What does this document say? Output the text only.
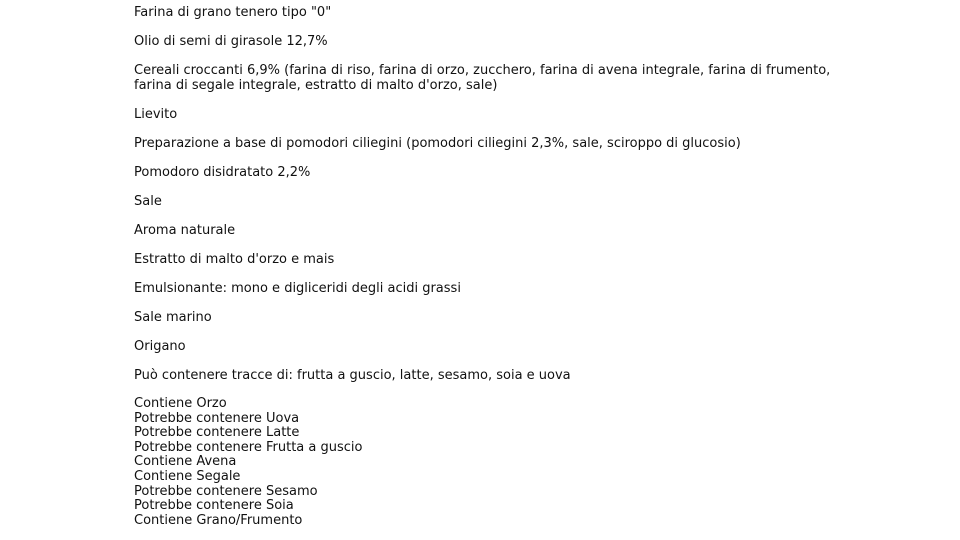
Farina di grano tenero tipo "0"

Olio di semi di girasole 12,7%

Cereali croccanti 6,9% (farina di riso, farina di orzo, zucchero, farina di avena integrale, farina di frumento, farina di segale integrale, estratto di malto d'orzo, sale)

Lievito

Preparazione a base di pomodori ciliegini (pomodori ciliegini 2,3%, sale, sciroppo di glucosio)

Pomodoro disidratato 2,2%

Sale

Aroma naturale

Estratto di malto d'orzo e mais

Emulsionante: mono e digliceridi degli acidi grassi

Sale marino

Origano

Può contenere tracce di: frutta a guscio, latte, sesamo, soia e uova

Contiene Orzo
Potrebbe contenere Uova
Potrebbe contenere Latte
Potrebbe contenere Frutta a guscio
Contiene Avena
Contiene Segale
Potrebbe contenere Sesamo
Potrebbe contenere Soia
Contiene Grano/Frumento
